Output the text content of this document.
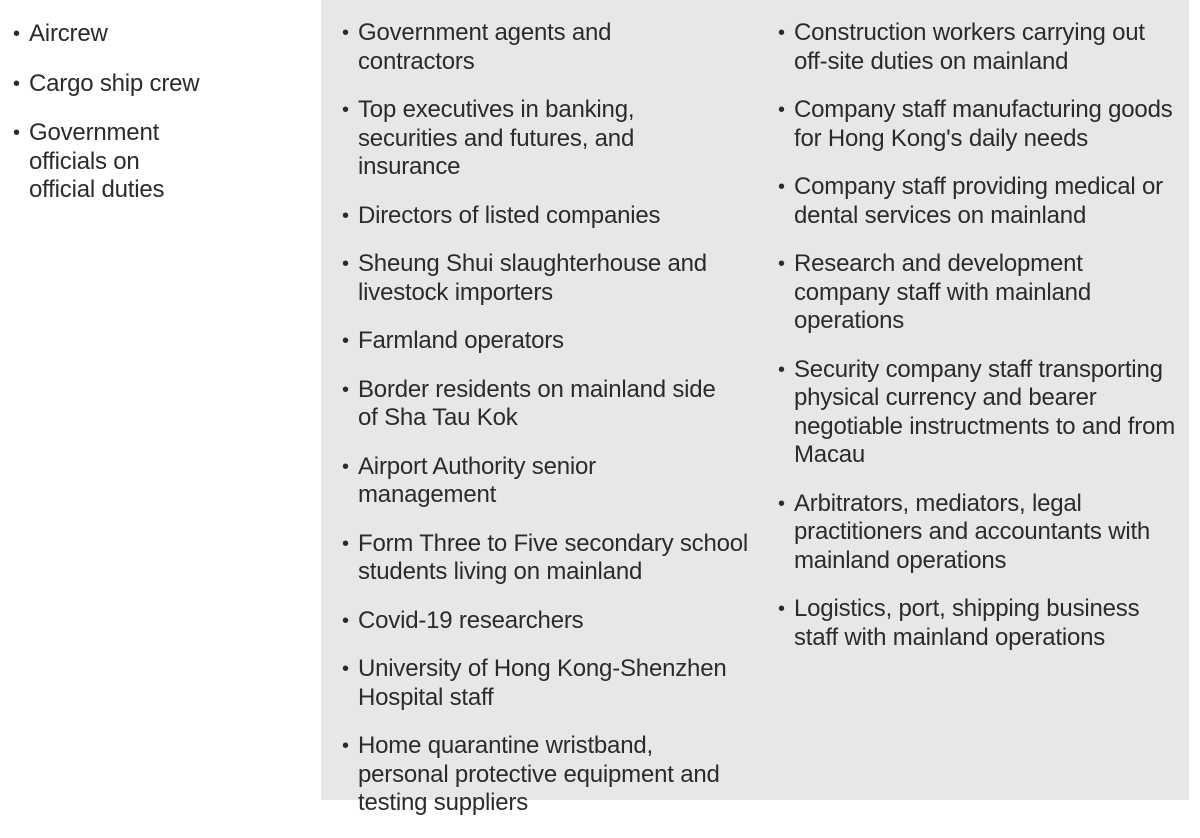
• Aircrew
• Cargo ship crew
• Government officials on official duties
• Government agents and contractors
• Top executives in banking, securities and futures, and insurance
• Directors of listed companies
• Sheung Shui slaughterhouse and livestock importers
• Farmland operators
• Border residents on mainland side of Sha Tau Kok
• Airport Authority senior management
• Form Three to Five secondary school students living on mainland
• Covid-19 researchers
• University of Hong Kong-Shenzhen Hospital staff
• Home quarantine wristband, personal protective equipment and testing suppliers
• Construction workers carrying out off-site duties on mainland
• Company staff manufacturing goods for Hong Kong's daily needs
• Company staff providing medical or dental services on mainland
• Research and development company staff with mainland operations
• Security company staff transporting physical currency and bearer negotiable instructments to and from Macau
• Arbitrators, mediators, legal practitioners and accountants with mainland operations
• Logistics, port, shipping business staff with mainland operations
